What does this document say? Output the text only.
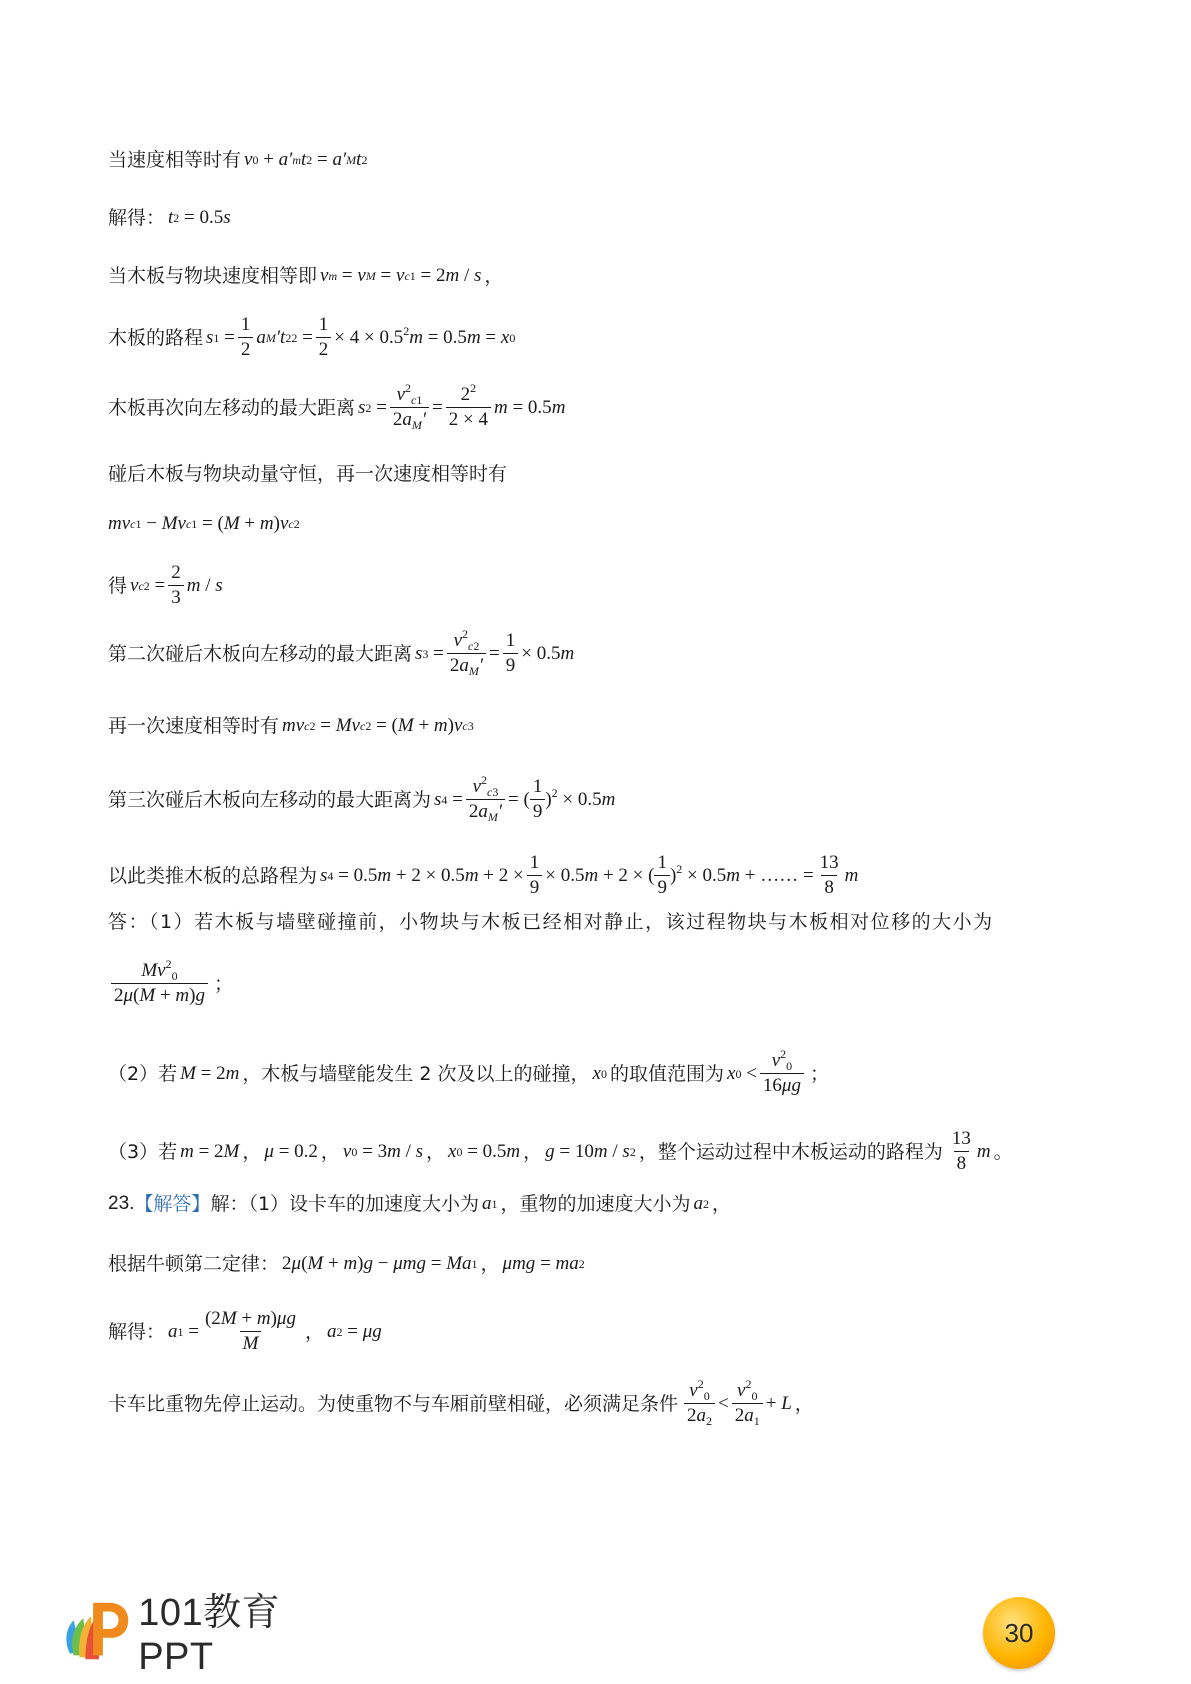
当速度相等时有 v 0
+ a′ m t 2
= a′ M t 2
解得： t 2
= 0.5 s
当木板与物块速度相等即 v m
= v M
= v c1
= 2 m / s ，
木板的路程 s 1
= $\frac{1}{2}$ a M ′t 2 2
= $\frac{1}{2} \times 4 \times 0.5^2$ m = 0.5 m = x 0
木板再次向左移动的最大距离 s 2
= $\frac{v^2_{c1}}{2a_M'} = \frac{2^2}{2 \times 4}$ m = 0.5 m
碰后木板与物块动量守恒，再一次速度相等时有
mv c1
− Mv c1
= ( M + m ) v c2
得 v c2
= $\frac{2}{3}$ m / s
第二次碰后木板向左移动的最大距离 s 3
= $\frac{v^2_{c2}}{2a_M'} = \frac{1}{9} \times 0.5$ m
再一次速度相等时有 mv c2
= Mv c2
= ( M + m ) v c3
第三次碰后木板向左移动的最大距离为 s 4
= $\frac{v^2_{c3}}{2a_M'}$ = ( $\frac{1}{9} )^2 \times 0.5$ m
以此类推木板的总路程为 s 4
= 0.5 m + 2 × 0.5 $m + 2 \times \frac{1}{9} \times 0.5$ m + 2 × ( $\frac{1}{9} )^2 \times 0.5$ m + …… = $\frac{13}{8}$ m
答：（1）若木板与墙壁碰撞前，小物块与木板已经相对静止，该过程物块与木板相对位移的大小为
$\frac{Mv^2_0}{2\mu(M + m)g}$ ；
（2）若 M = 2 m ，木板与墙壁能发生 2 次及以上的碰撞， x 0 的取值范围为 x 0
< $\frac{v^2_0}{16\mu g}$ ；
（3）若 m = 2 M ， μ = 0.2 ， v 0 = 3 m / s ， x 0 = 0.5 m ， g = 10 m / s 2 ，整个运动过程中木板运动的路程为 $\frac{13}{8}$ m 。
23. 【解答】 解：（1）设卡车的加速度大小为 a 1 ，重物的加速度大小为 a 2 ，
根据牛顿第二定律： 2 μ ( M + m ) g − μmg = Ma 1 ， μmg = ma 2
解得： a 1
= $\frac{(2M + m)\mu g}{M}$ ， a 2 = μg
卡车比重物先停止运动。为使重物不与车厢前壁相碰，必须满足条件 $\frac{v^2_0}{2a_2} < \frac{v^2_0}{2a_1} + L$ ，
101教育PPT
30
